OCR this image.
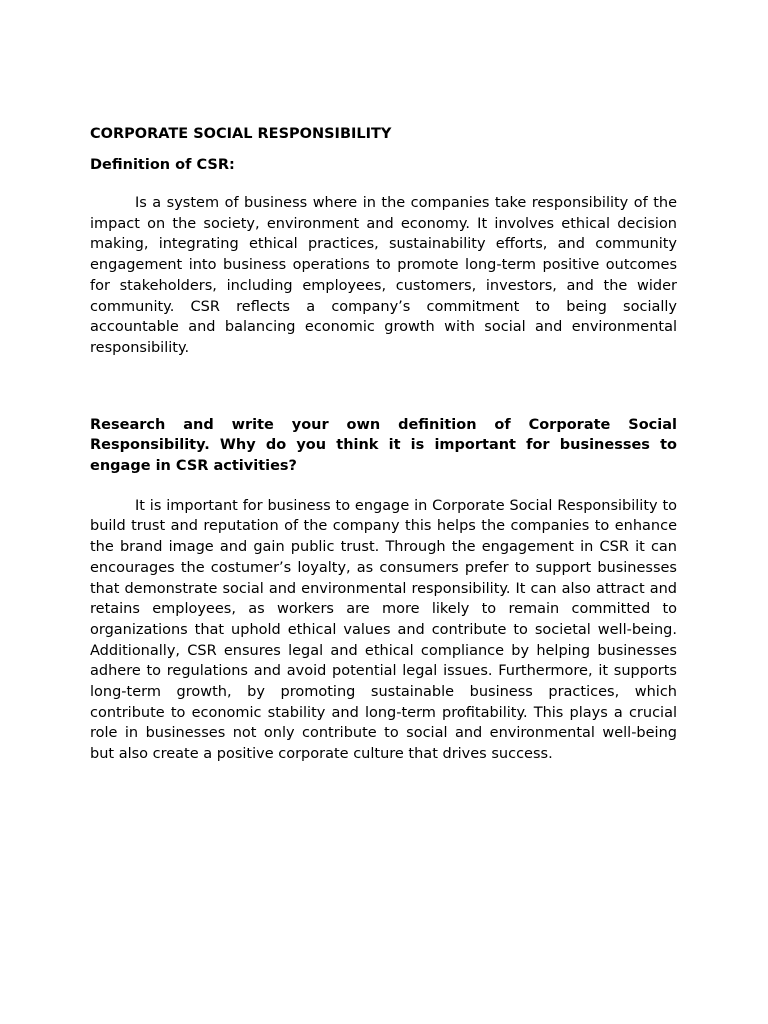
CORPORATE SOCIAL RESPONSIBILITY
Definition of CSR:

Is a system of business where in the companies take responsibility of the impact on the society, environment and economy. It involves ethical decision making, integrating ethical practices, sustainability efforts, and community engagement into business operations to promote long-term positive outcomes for stakeholders, including employees, customers, investors, and the wider community. CSR reflects a company’s commitment to being socially accountable and balancing economic growth with social and environmental responsibility.

Research and write your own definition of Corporate Social Responsibility. Why do you think it is important for businesses to engage in CSR activities?

It is important for business to engage in Corporate Social Responsibility to build trust and reputation of the company this helps the companies to enhance the brand image and gain public trust. Through the engagement in CSR it can encourages the costumer’s loyalty, as consumers prefer to support businesses that demonstrate social and environmental responsibility. It can also attract and retains employees, as workers are more likely to remain committed to organizations that uphold ethical values and contribute to societal well-being. Additionally, CSR ensures legal and ethical compliance by helping businesses adhere to regulations and avoid potential legal issues. Furthermore, it supports long-term growth, by promoting sustainable business practices, which contribute to economic stability and long-term profitability. This plays a crucial role in businesses not only contribute to social and environmental well-being but also create a positive corporate culture that drives success.
